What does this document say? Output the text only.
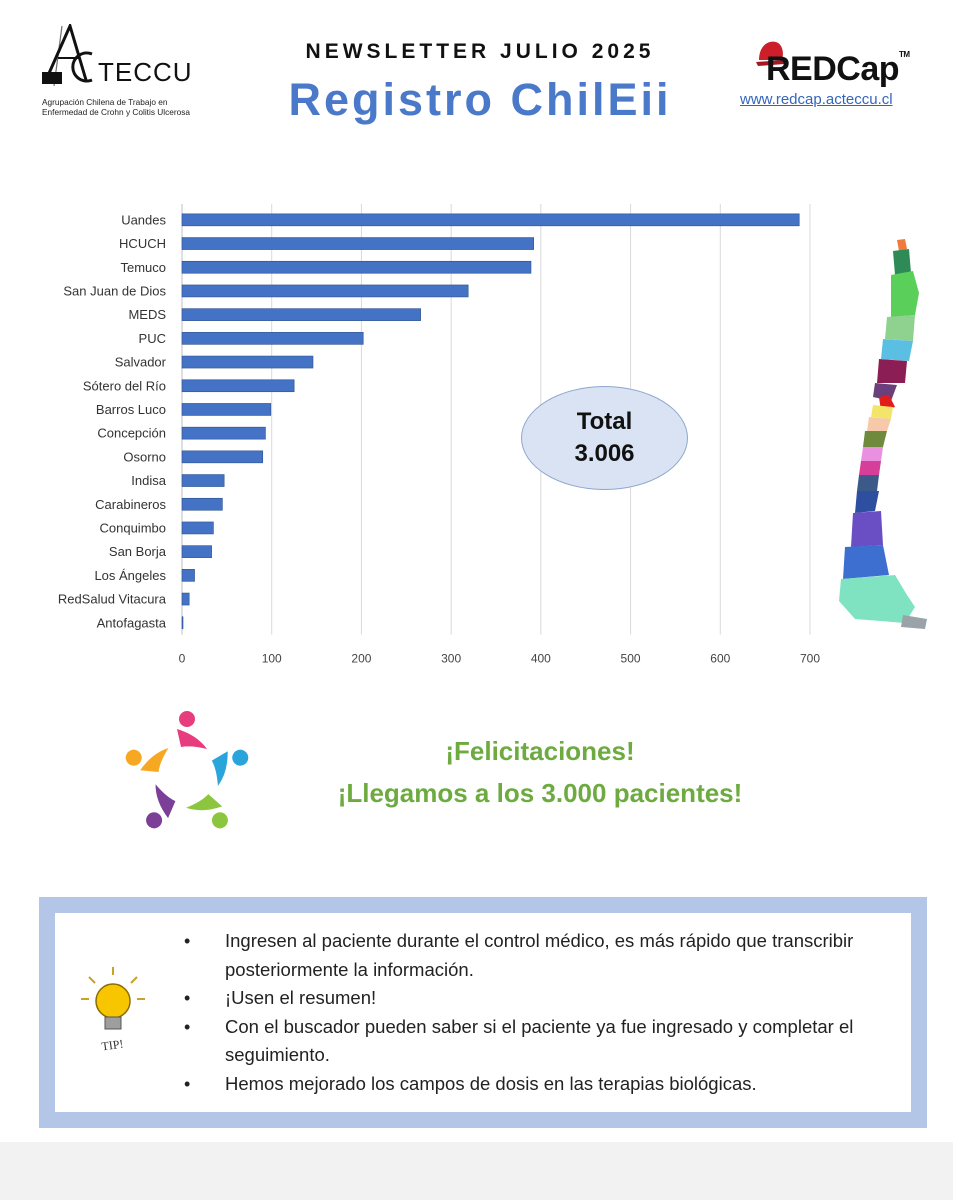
TECCU
Agrupación Chilena de Trabajo en Enfermedad de Crohn y Colitis Ulcerosa
NEWSLETTER JULIO 2025
Registro ChilEii
REDCap™
www.redcap.acteccu.cl
Uandes
HCUCH
Temuco
San Juan de Dios
MEDS
PUC
Salvador
Sótero del Río
Barros Luco
Concepción
Osorno
Indisa
Carabineros
Conquimbo
San Borja
Los Ángeles
RedSalud Vitacura
Antofagasta
0	100	200	300	400	500	600	700
Total
3.006
¡Felicitaciones!
¡Llegamos a los 3.000 pacientes!
TIP!
• Ingresen al paciente durante el control médico, es más rápido que transcribir posteriormente la información.
• ¡Usen el resumen!
• Con el buscador pueden saber si el paciente ya fue ingresado y completar el seguimiento.
• Hemos mejorado los campos de dosis en las terapias biológicas.
